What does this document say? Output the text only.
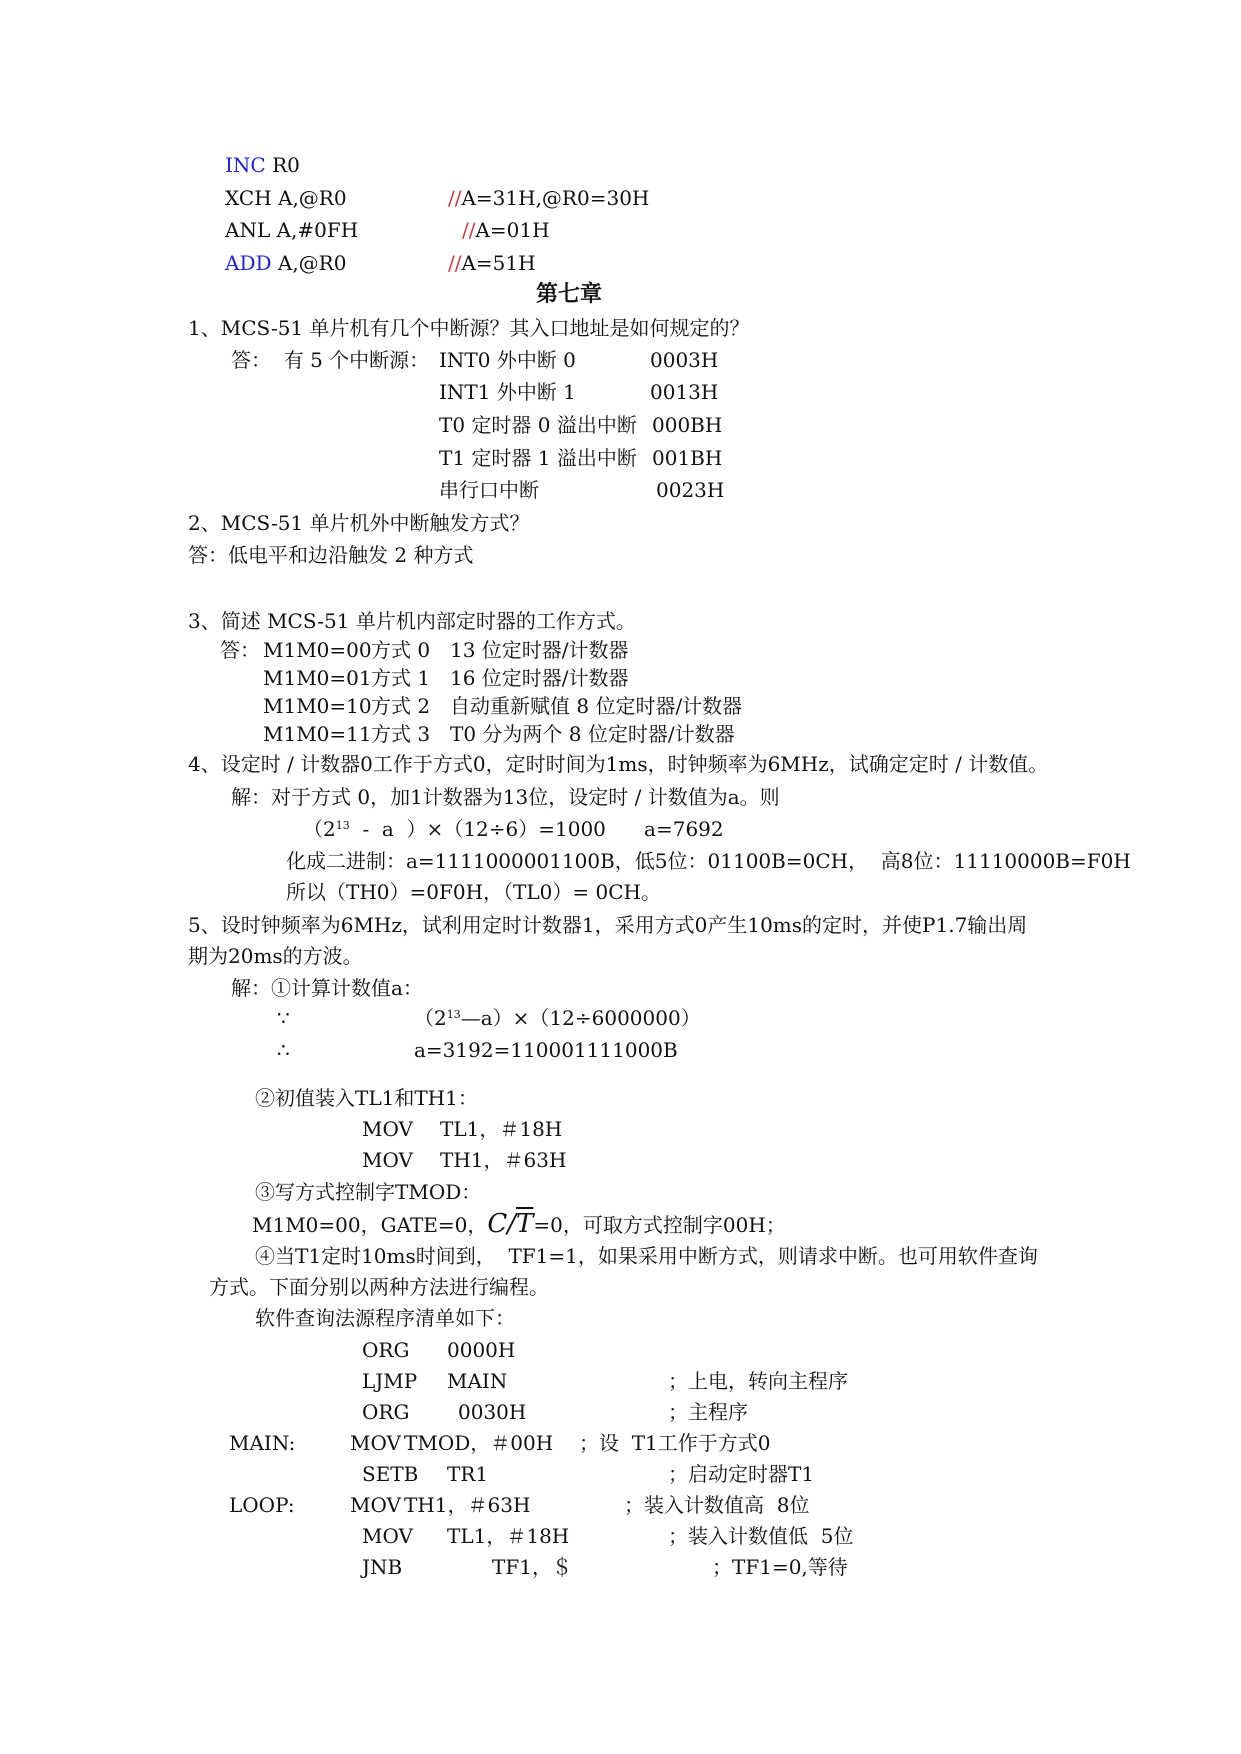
INC R0
XCH A,@R0	//A=31H,@R0=30H
ANL A,#0FH	//A=01H
ADD A,@R0	//A=51H
第七章
1、MCS-51 单片机有几个中断源？其入口地址是如何规定的？
答：  有 5 个中断源： INT0 外中断 0	0003H
INT1 外中断 1	0013H
T0 定时器 0 溢出中断 000BH
T1 定时器 1 溢出中断 001BH
串行口中断	0023H
2、MCS-51 单片机外中断触发方式？
答：低电平和边沿触发 2 种方式
3、简述 MCS-51 单片机内部定时器的工作方式。
答： M1M0=00 方式 0 13 位定时器/计数器
M1M0=01 方式 1 16 位定时器/计数器
M1M0=10 方式 2 自动重新赋值 8 位定时器/计数器
M1M0=11 方式 3 T0 分为两个 8 位定时器/计数器
4、设定时 / 计数器0工作于方式0，定时时间为1ms，时钟频率为6MHz，试确定定时 / 计数值。
解：对于方式 0，加1计数器为13位，设定时 / 计数值为a。则
（$2^{13}$  -  a  ）×（12÷6）=1000      a=7692
化成二进制：a=1111000001100B，低5位：01100B=0CH，  高8位：11110000B=F0H
所以（TH0）=0F0H，（TL0）= 0CH。
5、设时钟频率为6MHz，试利用定时计数器1，采用方式0产生10ms的定时，并使P1.7输出周
期为20ms的方波。
解：①计算计数值a：
∵	$(2^{13}—a)\times(12\div 6000000)$
∴	a=3192=110001111000B
②初值装入TL1和TH1：
MOV TL1，＃18H
MOV TH1，＃63H
③写方式控制字TMOD：
M1M0=00，GATE=0，$C/\overline{T}=0$，可取方式控制字00H；
④当T1定时10ms时间到，  TF1=1，如果采用中断方式，则请求中断。也可用软件查询
方式。下面分别以两种方法进行编程。
软件查询法源程序清单如下：
ORG 0000H
LJMP MAIN	；上电，转向主程序
ORG 0030H	；主程序
MAIN:	MOV TMOD，＃00H ；设  T1工作于方式0
SETB TR1	；启动定时器T1
LOOP:	MOV TH1，＃63H	；装入计数值高  8位
MOV TL1，＃18H	；装入计数值低  5位
JNB	TF1，＄	；TF1=0,等待
